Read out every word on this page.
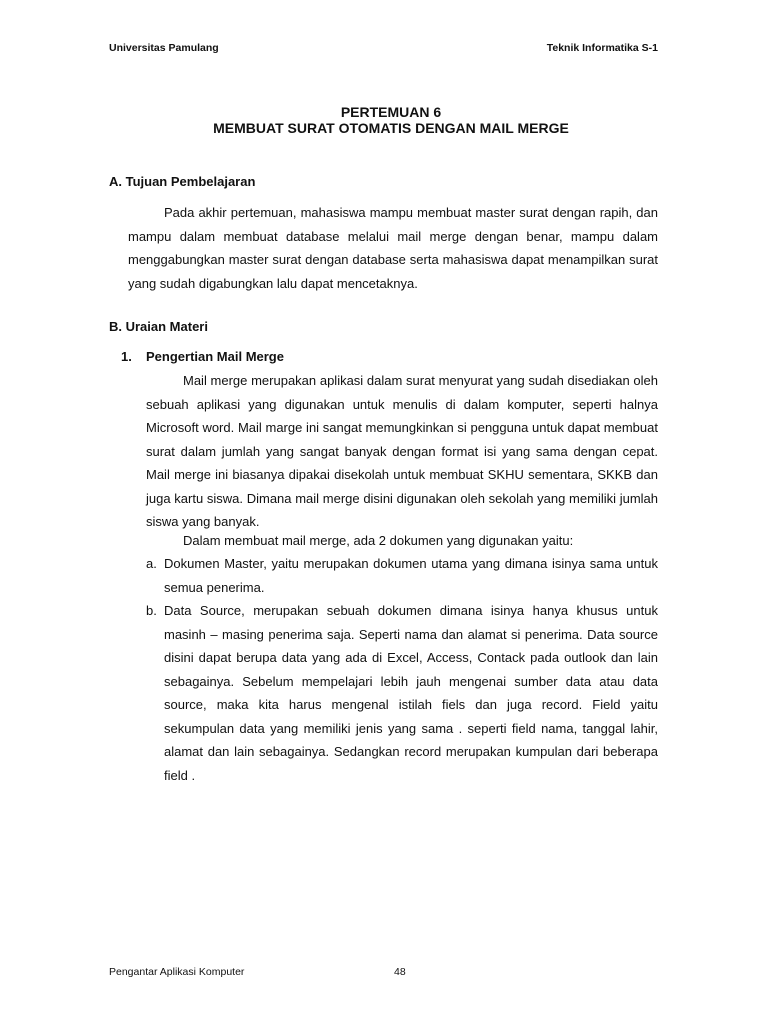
Universitas Pamulang	Teknik Informatika S-1
PERTEMUAN 6
MEMBUAT SURAT OTOMATIS DENGAN MAIL MERGE
A. Tujuan Pembelajaran
Pada akhir pertemuan, mahasiswa mampu membuat master surat dengan rapih, dan mampu dalam membuat database melalui mail merge dengan benar, mampu dalam menggabungkan master surat dengan database serta mahasiswa dapat menampilkan surat yang sudah digabungkan lalu dapat mencetaknya.
B. Uraian Materi
1. Pengertian Mail Merge
Mail merge merupakan aplikasi dalam surat menyurat yang sudah disediakan oleh sebuah aplikasi yang digunakan untuk menulis di dalam komputer, seperti halnya Microsoft word. Mail marge ini sangat memungkinkan si pengguna untuk dapat membuat surat dalam jumlah yang sangat banyak dengan format isi yang sama dengan cepat. Mail merge ini biasanya dipakai disekolah untuk membuat SKHU sementara, SKKB dan juga kartu siswa. Dimana mail merge disini digunakan oleh sekolah yang memiliki jumlah siswa yang banyak.
Dalam membuat mail merge, ada 2 dokumen yang digunakan yaitu:
a. Dokumen Master, yaitu merupakan dokumen utama yang dimana isinya sama untuk semua penerima.
b. Data Source, merupakan sebuah dokumen dimana isinya hanya khusus untuk masinh – masing penerima saja. Seperti nama dan alamat si penerima. Data source disini dapat berupa data yang ada di Excel, Access, Contack pada outlook dan lain sebagainya. Sebelum mempelajari lebih jauh mengenai sumber data atau data source, maka kita harus mengenal istilah fiels dan juga record. Field yaitu sekumpulan data yang memiliki jenis yang sama . seperti field nama, tanggal lahir, alamat dan lain sebagainya. Sedangkan record merupakan kumpulan dari beberapa field .
Pengantar Aplikasi Komputer	48
